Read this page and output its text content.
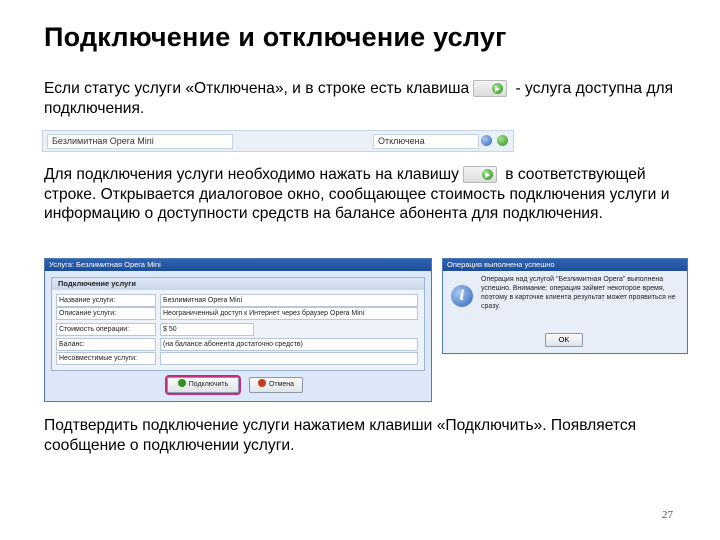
Подключение и отключение услуг
Если статус услуги «Отключена», и в строке есть клавиша	- услуга доступна для подключения.
Безлимитная Opera Mini	Отключена
Для подключения услуги необходимо нажать на клавишу	в соответствующей строке. Открывается диалоговое окно, сообщающее стоимость подключения услуги и информацию о доступности средств на балансе абонента для подключения.
Услуга: Безлимитная Opera Mini
Подключение услуги
Название услуги:	Безлимитная Opera Mini
Описание услуги:	Неограниченный доступ к Интернет через браузер Opera Mini
Стоимость операции:	$ 50
Баланс:	(на балансе абонента достаточно средств)
Несовместимые услуги:
Подключить	Отмена
Операция выполнена успешно
i
Операция над услугой "Безлимитная Opera" выполнена успешно. Внимание: операция займет некоторое время, поэтому в карточке клиента результат может проявиться не сразу.
OK
Подтвердить подключение услуги нажатием клавиши «Подключить». Появляется сообщение о подключении услуги.
27
